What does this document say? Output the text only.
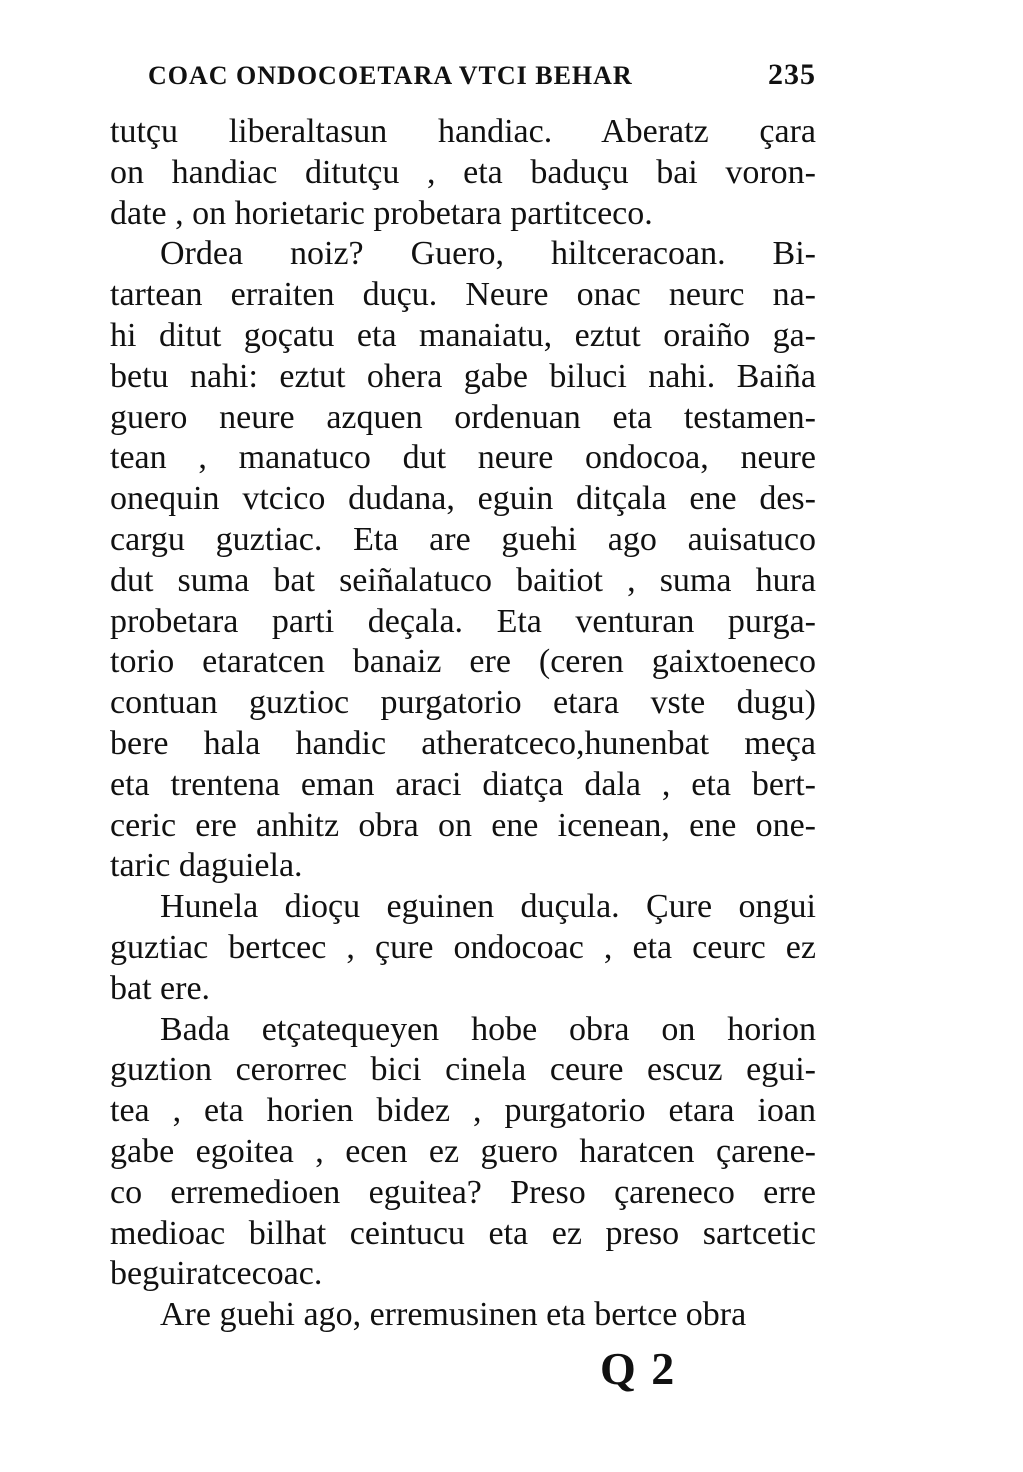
COAC ONDOCOETARA VTCI BEHAR	235
tutçu liberaltasun handiac. Aberatz çara
on handiac ditutçu , eta baduçu bai voron-
date , on horietaric probetara partitceco.
Ordea noiz? Guero, hiltceracoan. Bi-
tartean erraiten duçu. Neure onac neurc na-
hi ditut goçatu eta manaiatu, eztut oraiño ga-
betu nahi: eztut ohera gabe biluci nahi. Baiña
guero neure azquen ordenuan eta testamen-
tean , manatuco dut neure ondocoa, neure
onequin vtcico dudana, eguin ditçala ene des-
cargu guztiac. Eta are guehi ago auisatuco
dut suma bat seiñalatuco baitiot , suma hura
probetara parti deçala. Eta venturan purga-
torio etaratcen banaiz ere (ceren gaixtoeneco
contuan guztioc purgatorio etara vste dugu)
bere hala handic atheratceco,hunenbat meça
eta trentena eman araci diatça dala , eta bert-
ceric ere anhitz obra on ene icenean, ene one-
taric daguiela.
Hunela dioçu eguinen duçula. Çure ongui
guztiac bertcec , çure ondocoac , eta ceurc ez
bat ere.
Bada etçatequeyen hobe obra on horion
guztion cerorrec bici cinela ceure escuz egui-
tea , eta horien bidez , purgatorio etara ioan
gabe egoitea , ecen ez guero haratcen çarene-
co erremedioen eguitea? Preso çareneco erre
medioac bilhat ceintucu eta ez preso sartcetic
beguiratcecoac.
Are guehi ago, erremusinen eta bertce obra
Q 2
